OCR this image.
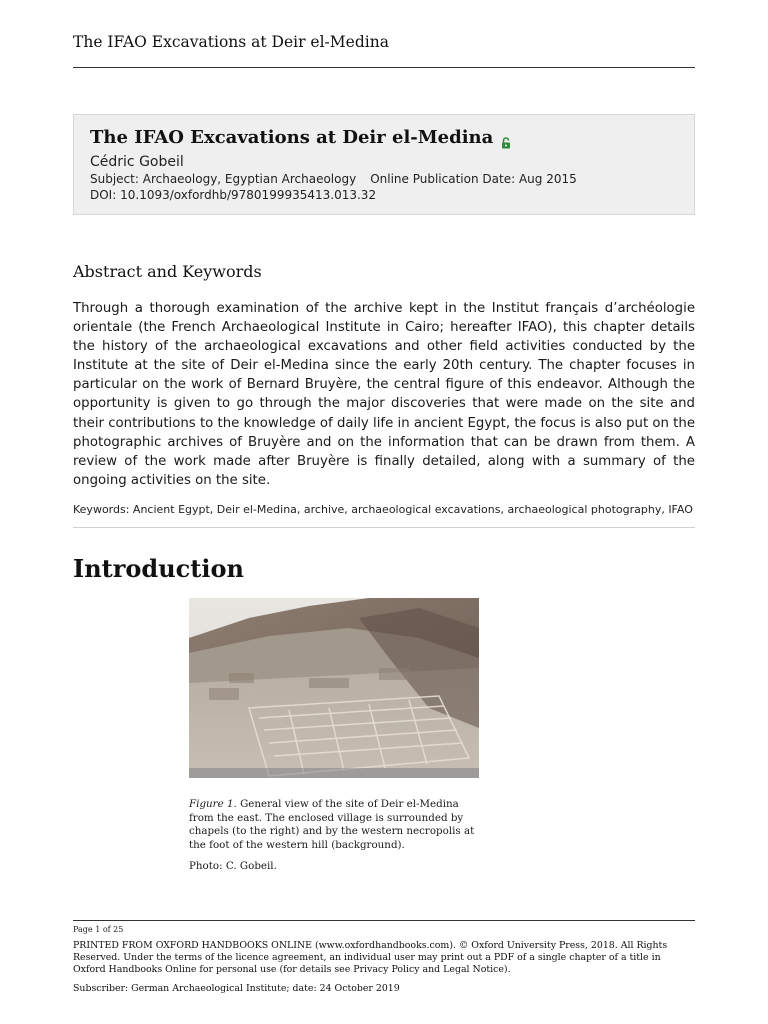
The IFAO Excavations at Deir el-Medina
The IFAO Excavations at Deir el-Medina
Cédric Gobeil
Subject: Archaeology, Egyptian Archaeology Online Publication Date: Aug 2015
DOI: 10.1093/oxfordhb/9780199935413.013.32
Abstract and Keywords
Through a thorough examination of the archive kept in the Institut français d’archéologie orientale (the French Archaeological Institute in Cairo; hereafter IFAO), this chapter details the history of the archaeological excavations and other field activities conducted by the Institute at the site of Deir el-Medina since the early 20th century. The chapter focuses in particular on the work of Bernard Bruyère, the central figure of this endeavor. Although the opportunity is given to go through the major discoveries that were made on the site and their contributions to the knowledge of daily life in ancient Egypt, the focus is also put on the photographic archives of Bruyère and on the information that can be drawn from them. A review of the work made after Bruyère is finally detailed, along with a summary of the ongoing activities on the site.
Keywords: Ancient Egypt, Deir el-Medina, archive, archaeological excavations, archaeological photography, IFAO
Introduction
Figure 1. General view of the site of Deir el-Medina from the east. The enclosed village is surrounded by chapels (to the right) and by the western necropolis at the foot of the western hill (background).
Photo: C. Gobeil.
Page 1 of 25
PRINTED FROM OXFORD HANDBOOKS ONLINE (www.oxfordhandbooks.com). © Oxford University Press, 2018. All Rights Reserved. Under the terms of the licence agreement, an individual user may print out a PDF of a single chapter of a title in Oxford Handbooks Online for personal use (for details see Privacy Policy and Legal Notice).
Subscriber: German Archaeological Institute; date: 24 October 2019
